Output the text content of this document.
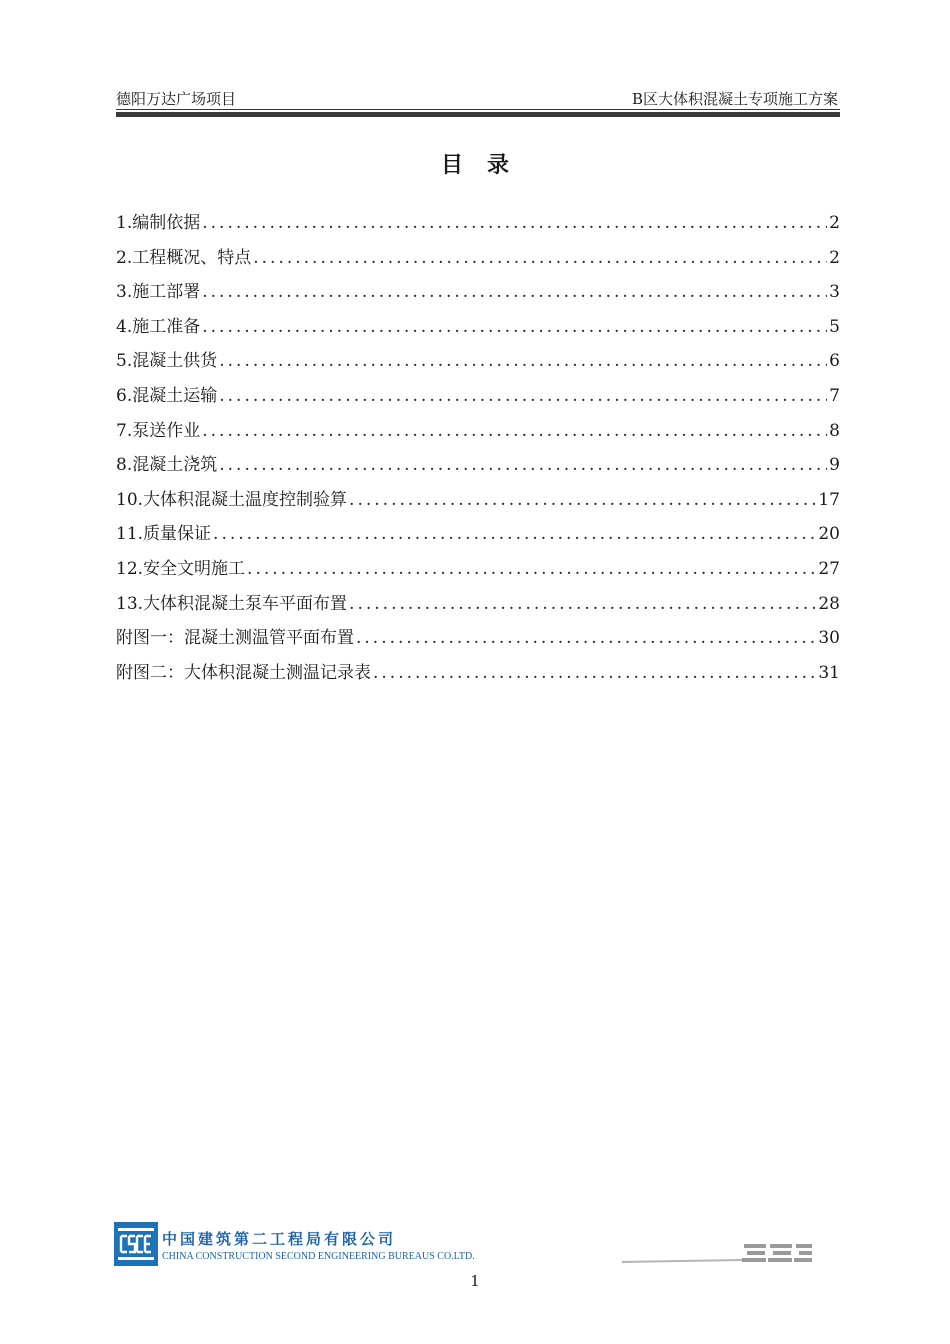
德阳万达广场项目	B区大体积混凝土专项施工方案
目录
1.编制依据 .....	2
2.工程概况、特点 .....	2
3.施工部署 .....	3
4.施工准备 .....	5
5.混凝土供货 .....	6
6.混凝土运输 .....	7
7.泵送作业 .....	8
8.混凝土浇筑 .....	9
10.大体积混凝土温度控制验算 .....	17
11.质量保证 .....	20
12.安全文明施工 .....	27
13.大体积混凝土泵车平面布置 .....	28
附图一：混凝土测温管平面布置 .....	30
附图二：大体积混凝土测温记录表 .....	31
中国建筑第二工程局有限公司
CHINA CONSTRUCTION SECOND ENGINEERING BUREAUS CO.LTD.
1
